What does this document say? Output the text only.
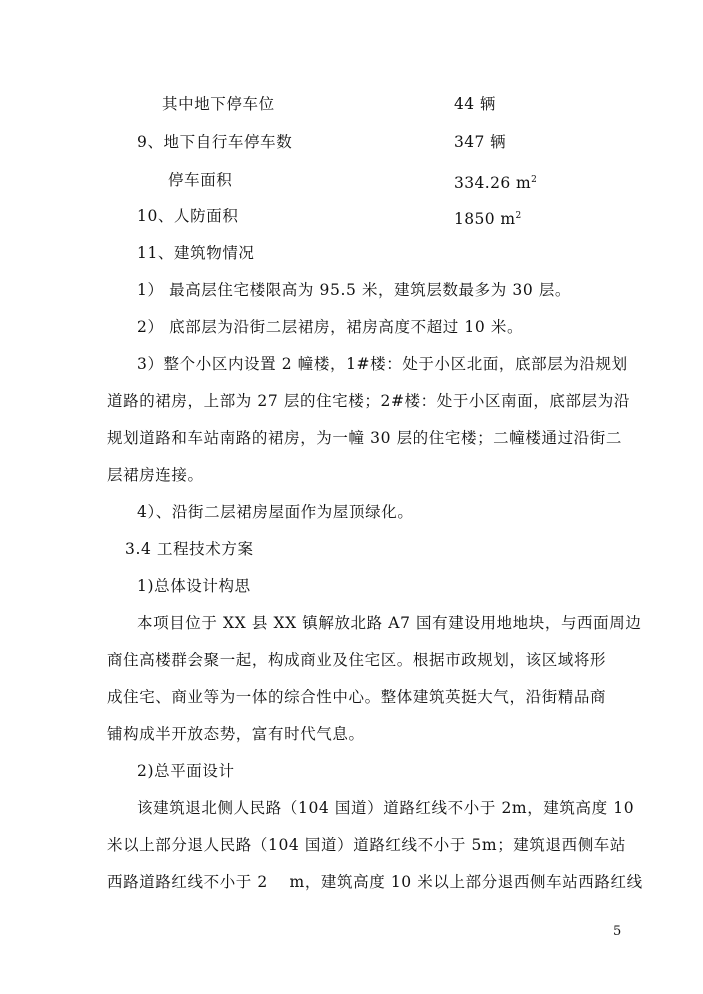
其中地下停车位	44 辆
9、地下自行车停车数	347 辆
停车面积	334.26 $m^2$
10、人防面积	1850 $m^2$
11、建筑物情况
1） 最高层住宅楼限高为 95.5 米，建筑层数最多为 30 层。
2） 底部层为沿街二层裙房，裙房高度不超过 10 米。
3）整个小区内设置 2 幢楼，1#楼：处于小区北面，底部层为沿规划
道路的裙房，上部为 27 层的住宅楼；2#楼：处于小区南面，底部层为沿
规划道路和车站南路的裙房，为一幢 30 层的住宅楼；二幢楼通过沿街二
层裙房连接。
4）、沿街二层裙房屋面作为屋顶绿化。
3.4 工程技术方案
1)总体设计构思
本项目位于 XX 县 XX 镇解放北路 A7 国有建设用地地块，与西面周边
商住高楼群会聚一起，构成商业及住宅区。根据市政规划，该区域将形
成住宅、商业等为一体的综合性中心。整体建筑英挺大气，沿街精品商
铺构成半开放态势，富有时代气息。
2)总平面设计
该建筑退北侧人民路（104 国道）道路红线不小于 2m，建筑高度 10
米以上部分退人民路（104 国道）道路红线不小于 5m；建筑退西侧车站
西路道路红线不小于 2　 m，建筑高度 10 米以上部分退西侧车站西路红线
5
